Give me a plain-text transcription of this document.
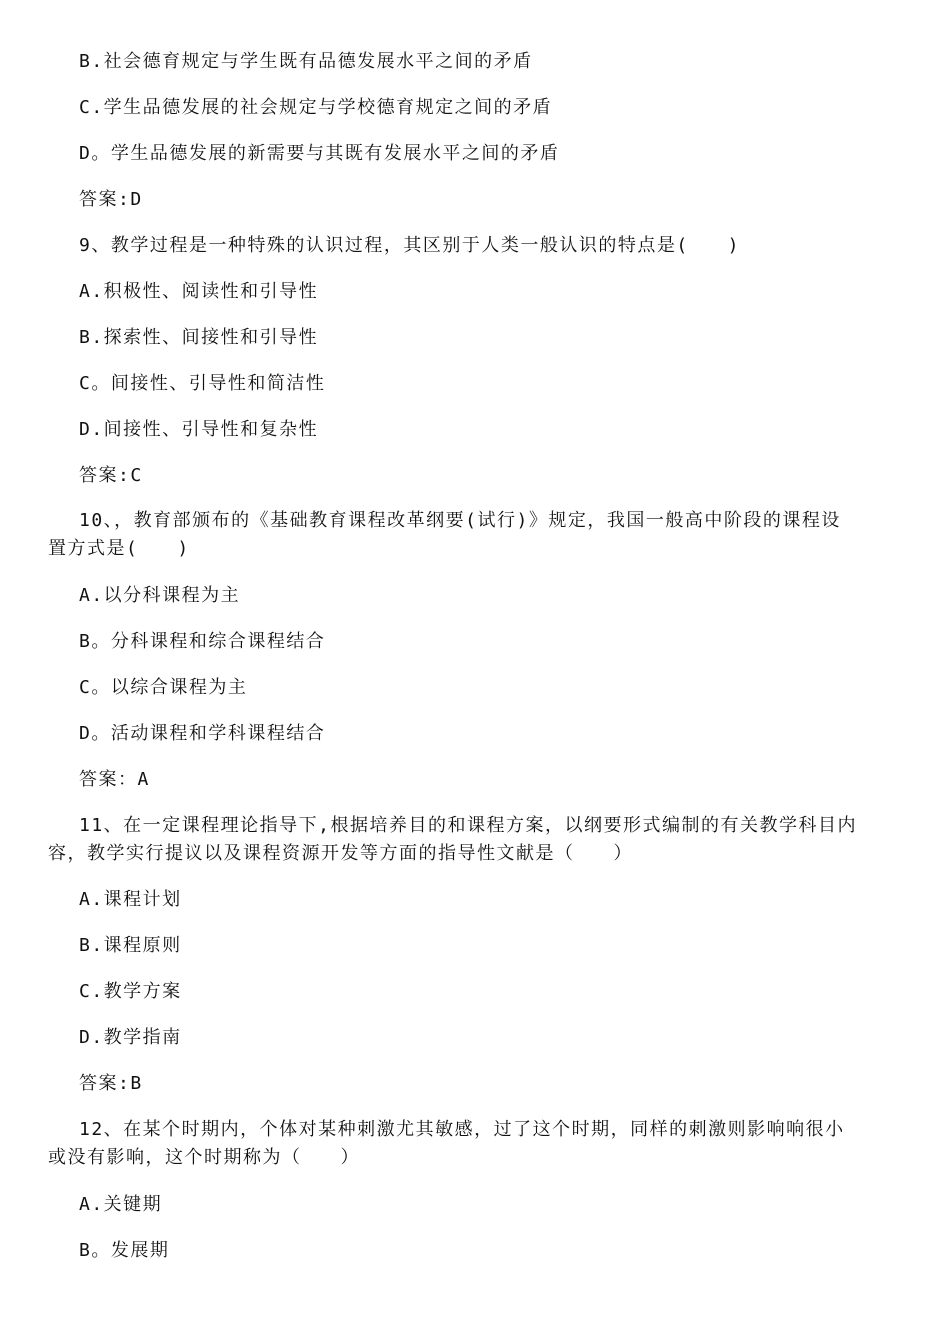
B.社会德育规定与学生既有品德发展水平之间的矛盾
C.学生品德发展的社会规定与学校德育规定之间的矛盾
D。学生品德发展的新需要与其既有发展水平之间的矛盾
答案:D
9、教学过程是一种特殊的认识过程，其区别于人类一般认识的特点是(　　)
A.积极性、阅读性和引导性
B.探索性、间接性和引导性
C。间接性、引导性和简洁性
D.间接性、引导性和复杂性
答案:C
10、，教育部颁布的《基础教育课程改革纲要(试行)》规定，我国一般高中阶段的课程设
置方式是(　　)
A.以分科课程为主
B。分科课程和综合课程结合
C。以综合课程为主
D。活动课程和学科课程结合
答案：A
11、在一定课程理论指导下,根据培养目的和课程方案，以纲要形式编制的有关教学科目内
容，教学实行提议以及课程资源开发等方面的指导性文献是（　　）
A.课程计划
B.课程原则
C.教学方案
D.教学指南
答案:B
12、在某个时期内，个体对某种刺激尤其敏感，过了这个时期，同样的刺激则影响响很小
或没有影响，这个时期称为（　　）
A.关键期
B。发展期
